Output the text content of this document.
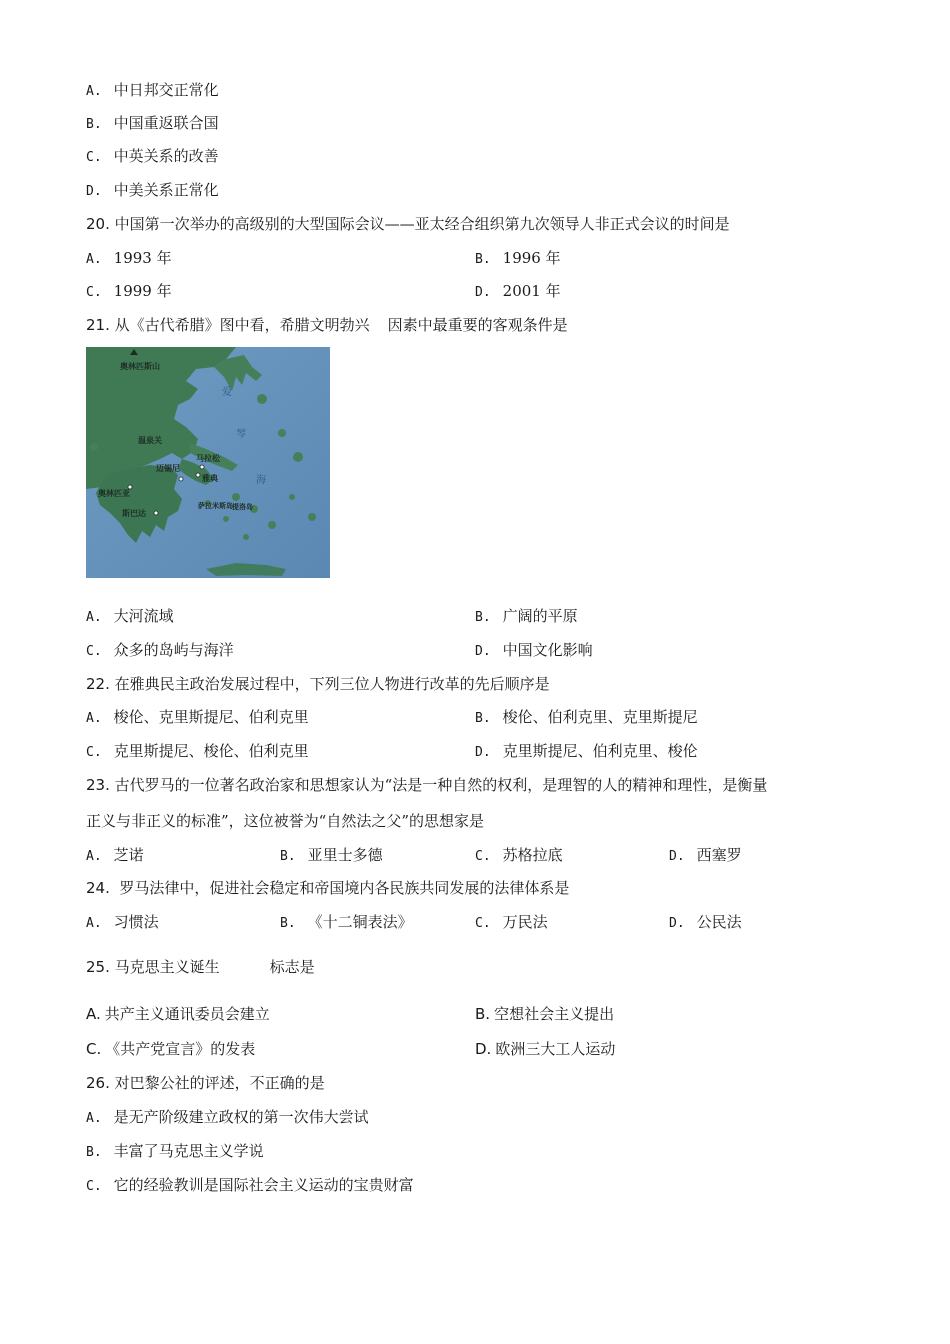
A. 中日邦交正常化
B. 中国重返联合国
C. 中英关系的改善
D. 中美关系正常化
20. 中国第一次举办的高级别的大型国际会议——亚太经合组织第九次领导人非正式会议的时间是
A. 1993 年	B. 1996 年
C. 1999 年	D. 2001 年
21. 从《古代希腊》图中看，希腊文明勃兴 因素中最重要的客观条件是
奥林匹斯山
温泉关
马拉松
雅典
迈锡尼
奥林匹亚
斯巴达
萨拉米斯岛 提洛岛
爱
琴
海
A. 大河流域	B. 广阔的平原
C. 众多的岛屿与海洋	D. 中国文化影响
22. 在雅典民主政治发展过程中，下列三位人物进行改革的先后顺序是
A. 梭伦、克里斯提尼、伯利克里	B. 梭伦、伯利克里、克里斯提尼
C. 克里斯提尼、梭伦、伯利克里	D. 克里斯提尼、伯利克里、梭伦
23. 古代罗马的一位著名政治家和思想家认为“法是一种自然的权利，是理智的人的精神和理性，是衡量
正义与非正义的标准”，这位被誉为“自然法之父”的思想家是
A. 芝诺	B. 亚里士多德	C. 苏格拉底	D. 西塞罗
24. 罗马法律中，促进社会稳定和帝国境内各民族共同发展的法律体系是
A. 习惯法	B. 《十二铜表法》	C. 万民法	D. 公民法
25. 马克思主义诞生	标志是
A. 共产主义通讯委员会建立	B. 空想社会主义提出
C. 《共产党宣言》的发表	D. 欧洲三大工人运动
26. 对巴黎公社的评述，不正确的是
A. 是无产阶级建立政权的第一次伟大尝试
B. 丰富了马克思主义学说
C. 它的经验教训是国际社会主义运动的宝贵财富
